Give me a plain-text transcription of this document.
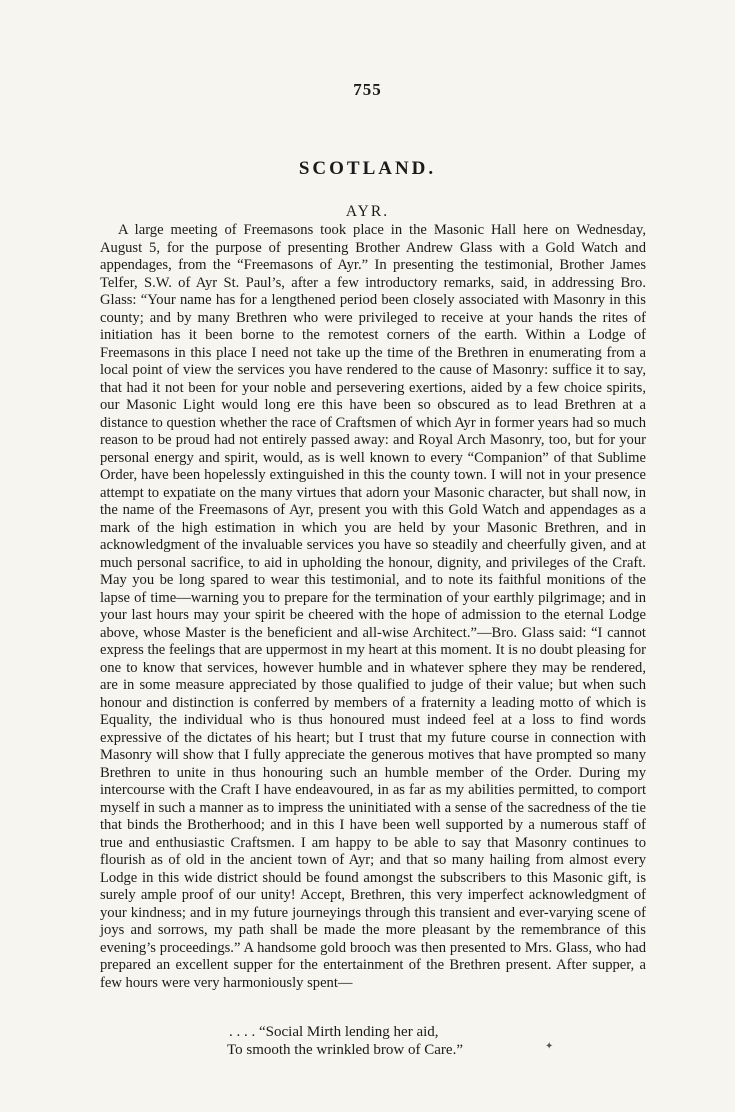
755
SCOTLAND.
AYR.

A large meeting of Freemasons took place in the Masonic Hall here on Wednesday, August 5, for the purpose of presenting Brother Andrew Glass with a Gold Watch and appendages, from the “Freemasons of Ayr.” In presenting the testimonial, Brother James Telfer, S.W. of Ayr St. Paul’s, after a few introductory remarks, said, in addressing Bro. Glass: “Your name has for a lengthened period been closely associated with Masonry in this county; and by many Brethren who were privileged to receive at your hands the rites of initiation has it been borne to the remotest corners of the earth. Within a Lodge of Freemasons in this place I need not take up the time of the Brethren in enumerating from a local point of view the services you have rendered to the cause of Masonry: suffice it to say, that had it not been for your noble and persevering exertions, aided by a few choice spirits, our Masonic Light would long ere this have been so obscured as to lead Brethren at a distance to question whether the race of Craftsmen of which Ayr in former years had so much reason to be proud had not entirely passed away: and Royal Arch Masonry, too, but for your personal energy and spirit, would, as is well known to every “Companion” of that Sublime Order, have been hopelessly extinguished in this the county town. I will not in your presence attempt to expatiate on the many virtues that adorn your Masonic character, but shall now, in the name of the Freemasons of Ayr, present you with this Gold Watch and appendages as a mark of the high estimation in which you are held by your Masonic Brethren, and in acknowledgment of the invaluable services you have so steadily and cheerfully given, and at much personal sacrifice, to aid in upholding the honour, dignity, and privileges of the Craft. May you be long spared to wear this testimonial, and to note its faithful monitions of the lapse of time—warning you to prepare for the termination of your earthly pilgrimage; and in your last hours may your spirit be cheered with the hope of admission to the eternal Lodge above, whose Master is the beneficient and all-wise Architect.”—Bro. Glass said: “I cannot express the feelings that are uppermost in my heart at this moment. It is no doubt pleasing for one to know that services, however humble and in whatever sphere they may be rendered, are in some measure appreciated by those qualified to judge of their value; but when such honour and distinction is conferred by members of a fraternity a leading motto of which is Equality, the individual who is thus honoured must indeed feel at a loss to find words expressive of the dictates of his heart; but I trust that my future course in connection with Masonry will show that I fully appreciate the generous motives that have prompted so many Brethren to unite in thus honouring such an humble member of the Order. During my intercourse with the Craft I have endeavoured, in as far as my abilities permitted, to comport myself in such a manner as to impress the uninitiated with a sense of the sacredness of the tie that binds the Brotherhood; and in this I have been well supported by a numerous staff of true and enthusiastic Craftsmen. I am happy to be able to say that Masonry continues to flourish as of old in the ancient town of Ayr; and that so many hailing from almost every Lodge in this wide district should be found amongst the subscribers to this Masonic gift, is surely ample proof of our unity! Accept, Brethren, this very imperfect acknowledgment of your kindness; and in my future journeyings through this transient and ever-varying scene of joys and sorrows, my path shall be made the more pleasant by the remembrance of this evening’s proceedings.” A handsome gold brooch was then presented to Mrs. Glass, who had prepared an excellent supper for the entertainment of the Brethren present. After supper, a few hours were very harmoniously spent—

. . . . “Social Mirth lending her aid,
To smooth the wrinkled brow of Care.”	✦
